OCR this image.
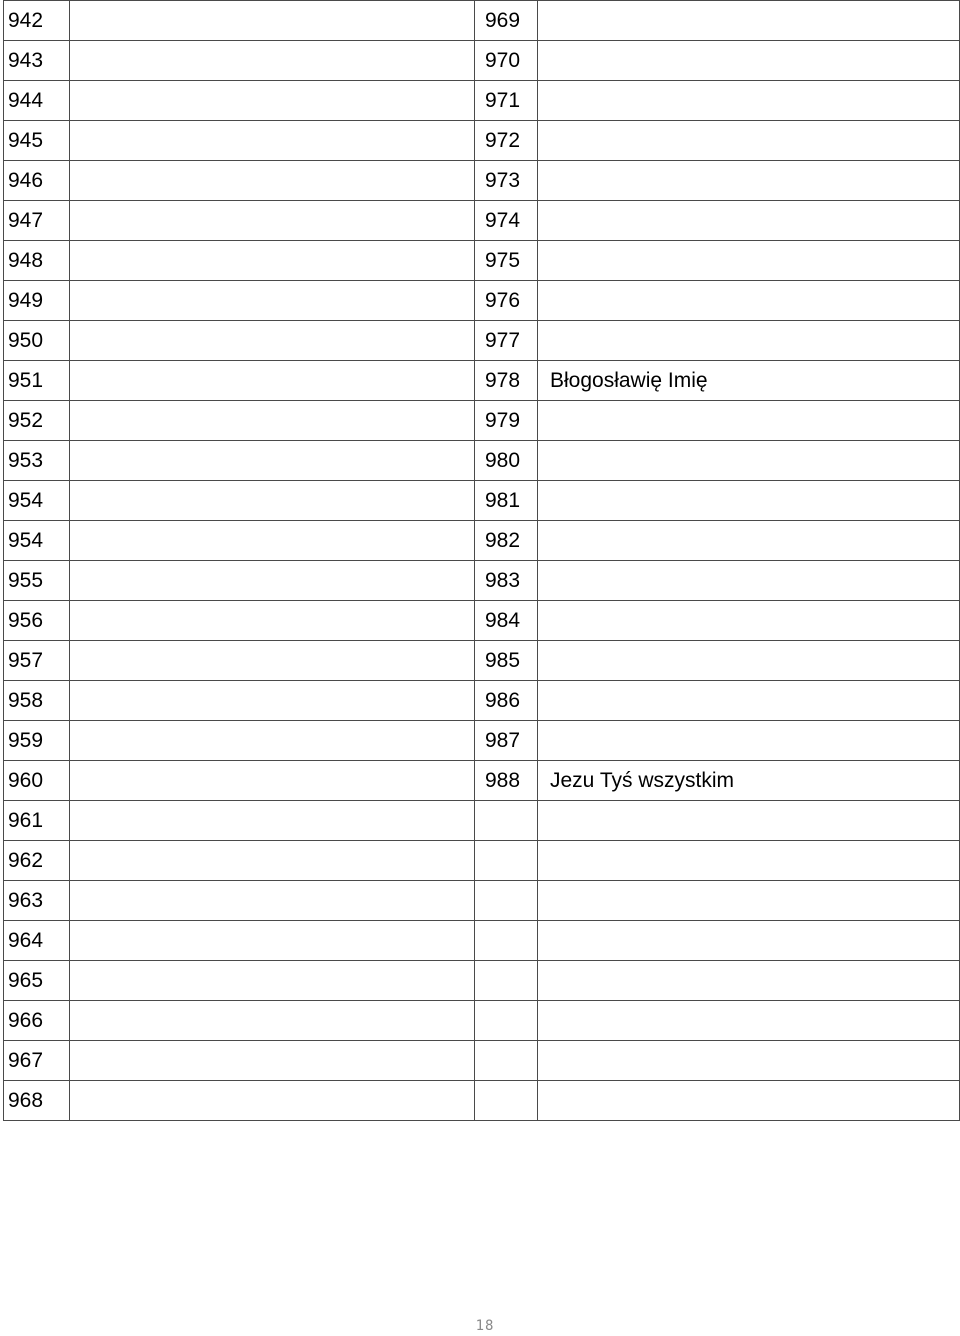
942		969	
943		970	
944		971	
945		972	
946		973	
947		974	
948		975	
949		976	
950		977	
951		978	Błogosławię Imię
952		979	
953		980	
954		981	
954		982	
955		983	
956		984	
957		985	
958		986	
959		987	
960		988	Jezu Tyś wszystkim
961			
962			
963			
964			
965			
966			
967			
968			
18
